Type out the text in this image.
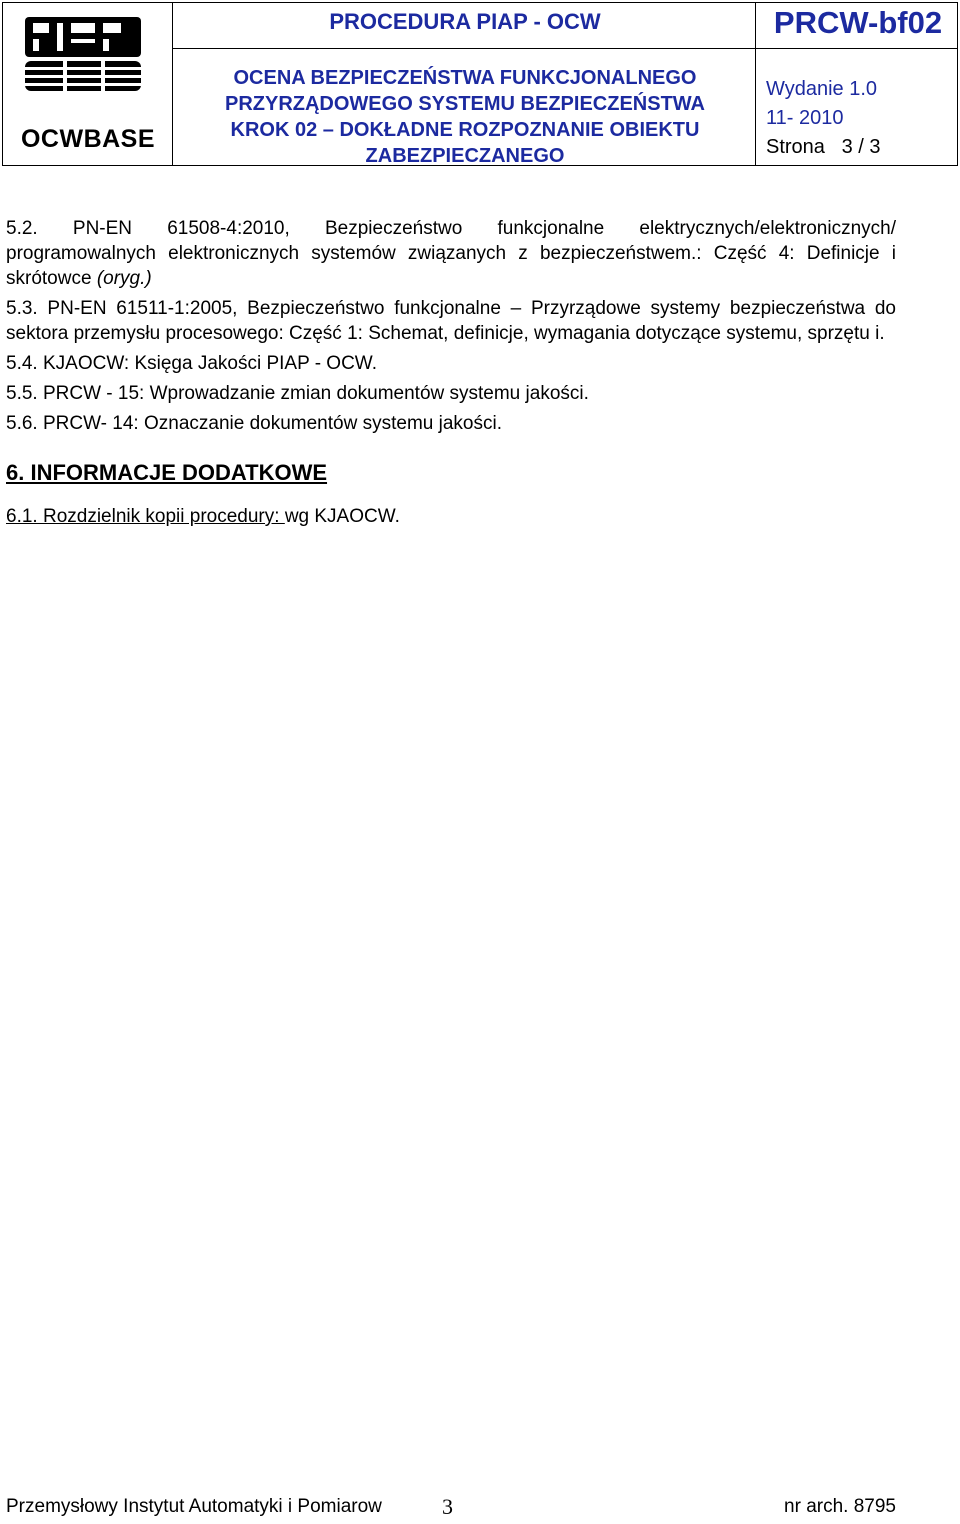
PIAP
OCW
OCWBASE
PROCEDURA PIAP - OCW
OCENA BEZPIECZEŃSTWA FUNKCJONALNEGO
PRZYRZĄDOWEGO SYSTEMU BEZPIECZEŃSTWA
KROK 02 – DOKŁADNE ROZPOZNANIE OBIEKTU
ZABEZPIECZANEGO
PRCW-bf02
Wydanie 1.0
11- 2010
Strona   3 / 3

5.2. PN-EN 61508-4:2010, Bezpieczeństwo funkcjonalne elektrycznych/elektronicznych/ programowalnych elektronicznych systemów związanych z bezpieczeństwem.: Część 4: Definicje i skrótowce (oryg.)

5.3. PN-EN 61511-1:2005, Bezpieczeństwo funkcjonalne – Przyrządowe systemy bezpieczeństwa do sektora przemysłu procesowego: Część 1: Schemat, definicje, wymagania dotyczące systemu, sprzętu i.

5.4. KJAOCW: Księga Jakości PIAP - OCW.

5.5. PRCW - 15: Wprowadzanie zmian dokumentów systemu jakości.

5.6. PRCW- 14: Oznaczanie dokumentów systemu jakości.

6. INFORMACJE DODATKOWE

6.1. Rozdzielnik kopii procedury: wg KJAOCW.

Przemysłowy Instytut Automatyki i Pomiarow	3	nr arch. 8795
